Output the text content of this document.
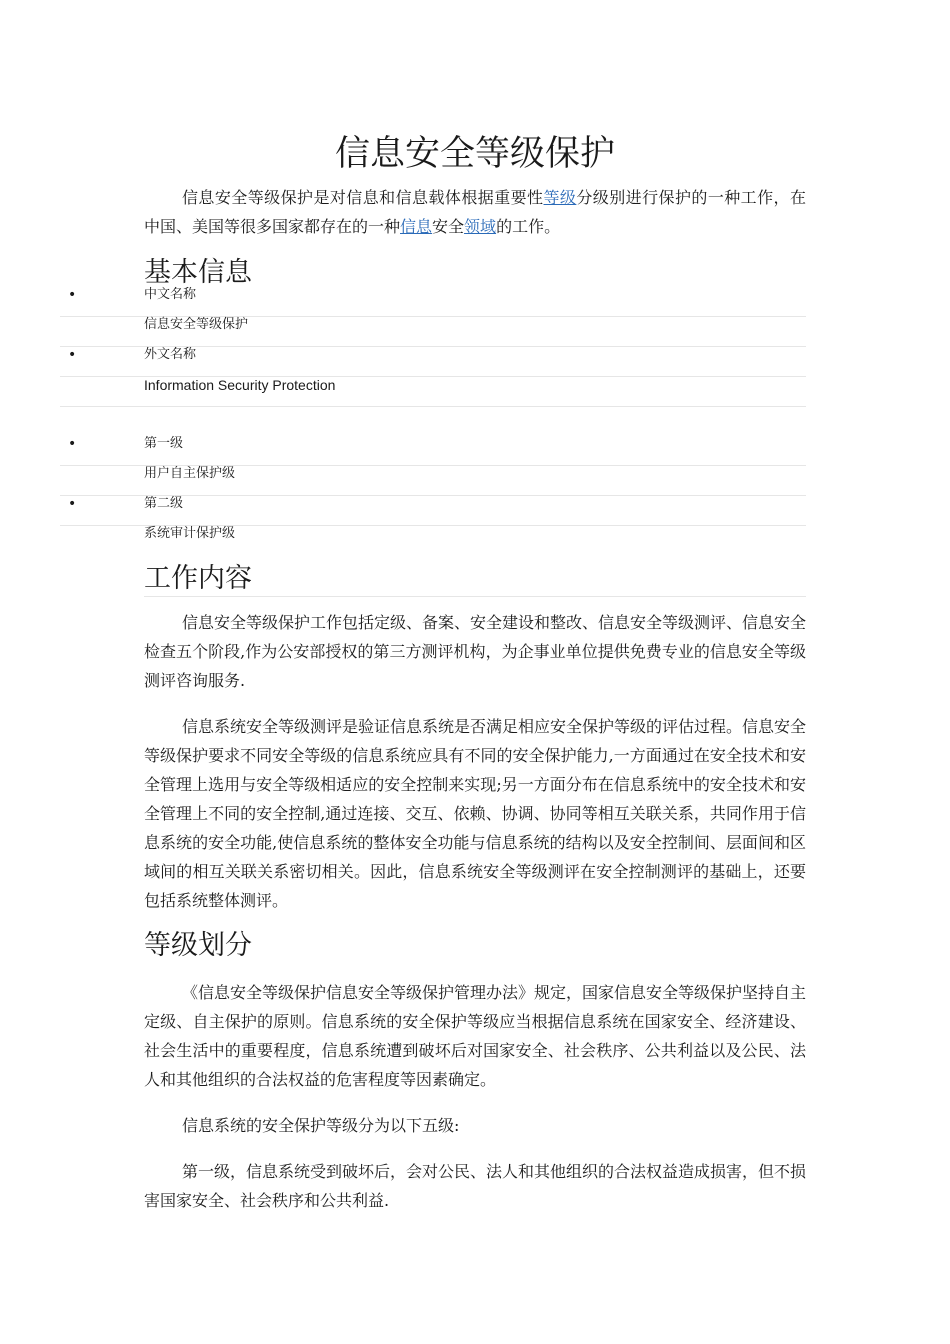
信息安全等级保护

信息安全等级保护是对信息和信息载体根据重要性等级分级别进行保护的一种工作，在中国、美国等很多国家都存在的一种信息安全领域的工作。

基本信息
•	中文名称

信息安全等级保护

•	外文名称

Information Security Protection

•	第一级

用户自主保护级

•	第二级

系统审计保护级

工作内容

信息安全等级保护工作包括定级、备案、安全建设和整改、信息安全等级测评、信息安全检查五个阶段,作为公安部授权的第三方测评机构，为企事业单位提供免费专业的信息安全等级测评咨询服务.

信息系统安全等级测评是验证信息系统是否满足相应安全保护等级的评估过程。信息安全等级保护要求不同安全等级的信息系统应具有不同的安全保护能力,一方面通过在安全技术和安全管理上选用与安全等级相适应的安全控制来实现;另一方面分布在信息系统中的安全技术和安全管理上不同的安全控制,通过连接、交互、依赖、协调、协同等相互关联关系，共同作用于信息系统的安全功能,使信息系统的整体安全功能与信息系统的结构以及安全控制间、层面间和区域间的相互关联关系密切相关。因此，信息系统安全等级测评在安全控制测评的基础上，还要包括系统整体测评。

等级划分

《信息安全等级保护信息安全等级保护管理办法》规定，国家信息安全等级保护坚持自主定级、自主保护的原则。信息系统的安全保护等级应当根据信息系统在国家安全、经济建设、社会生活中的重要程度，信息系统遭到破坏后对国家安全、社会秩序、公共利益以及公民、法人和其他组织的合法权益的危害程度等因素确定。

信息系统的安全保护等级分为以下五级:

第一级，信息系统受到破坏后，会对公民、法人和其他组织的合法权益造成损害，但不损害国家安全、社会秩序和公共利益.
